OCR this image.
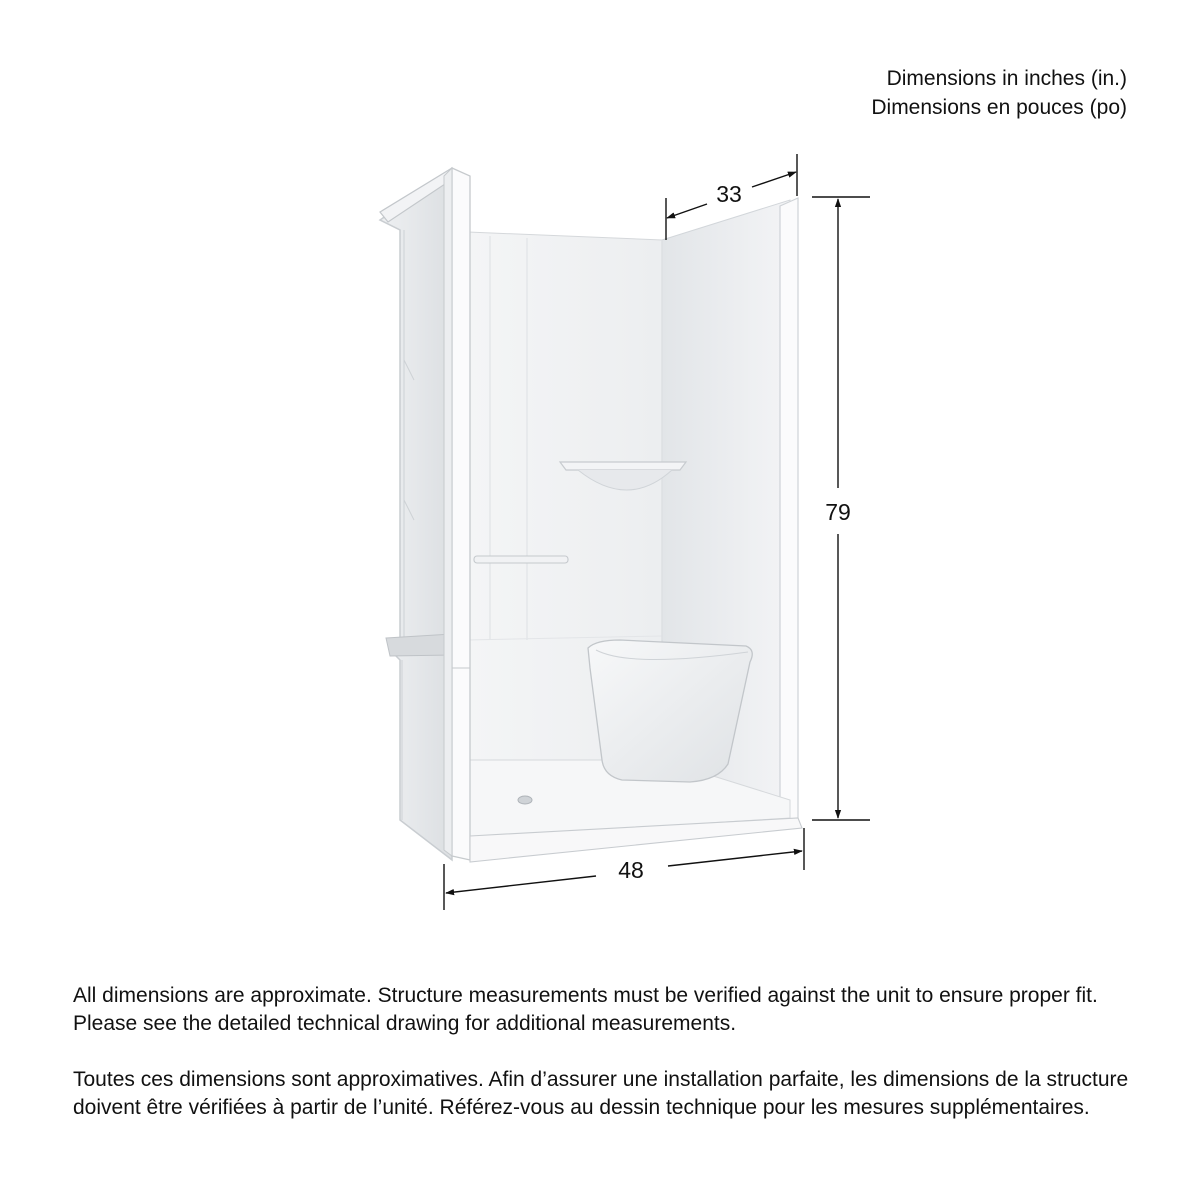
Dimensions in inches (in.)
Dimensions en pouces (po)
33
79
48

All dimensions are approximate. Structure measurements must be verified against the unit to ensure proper fit. Please see the detailed technical drawing for additional measurements.

Toutes ces dimensions sont approximatives. Afin d’assurer une installation parfaite, les dimensions de la structure doivent être vérifiées à partir de l’unité. Référez-vous au dessin technique pour les mesures supplémentaires.
